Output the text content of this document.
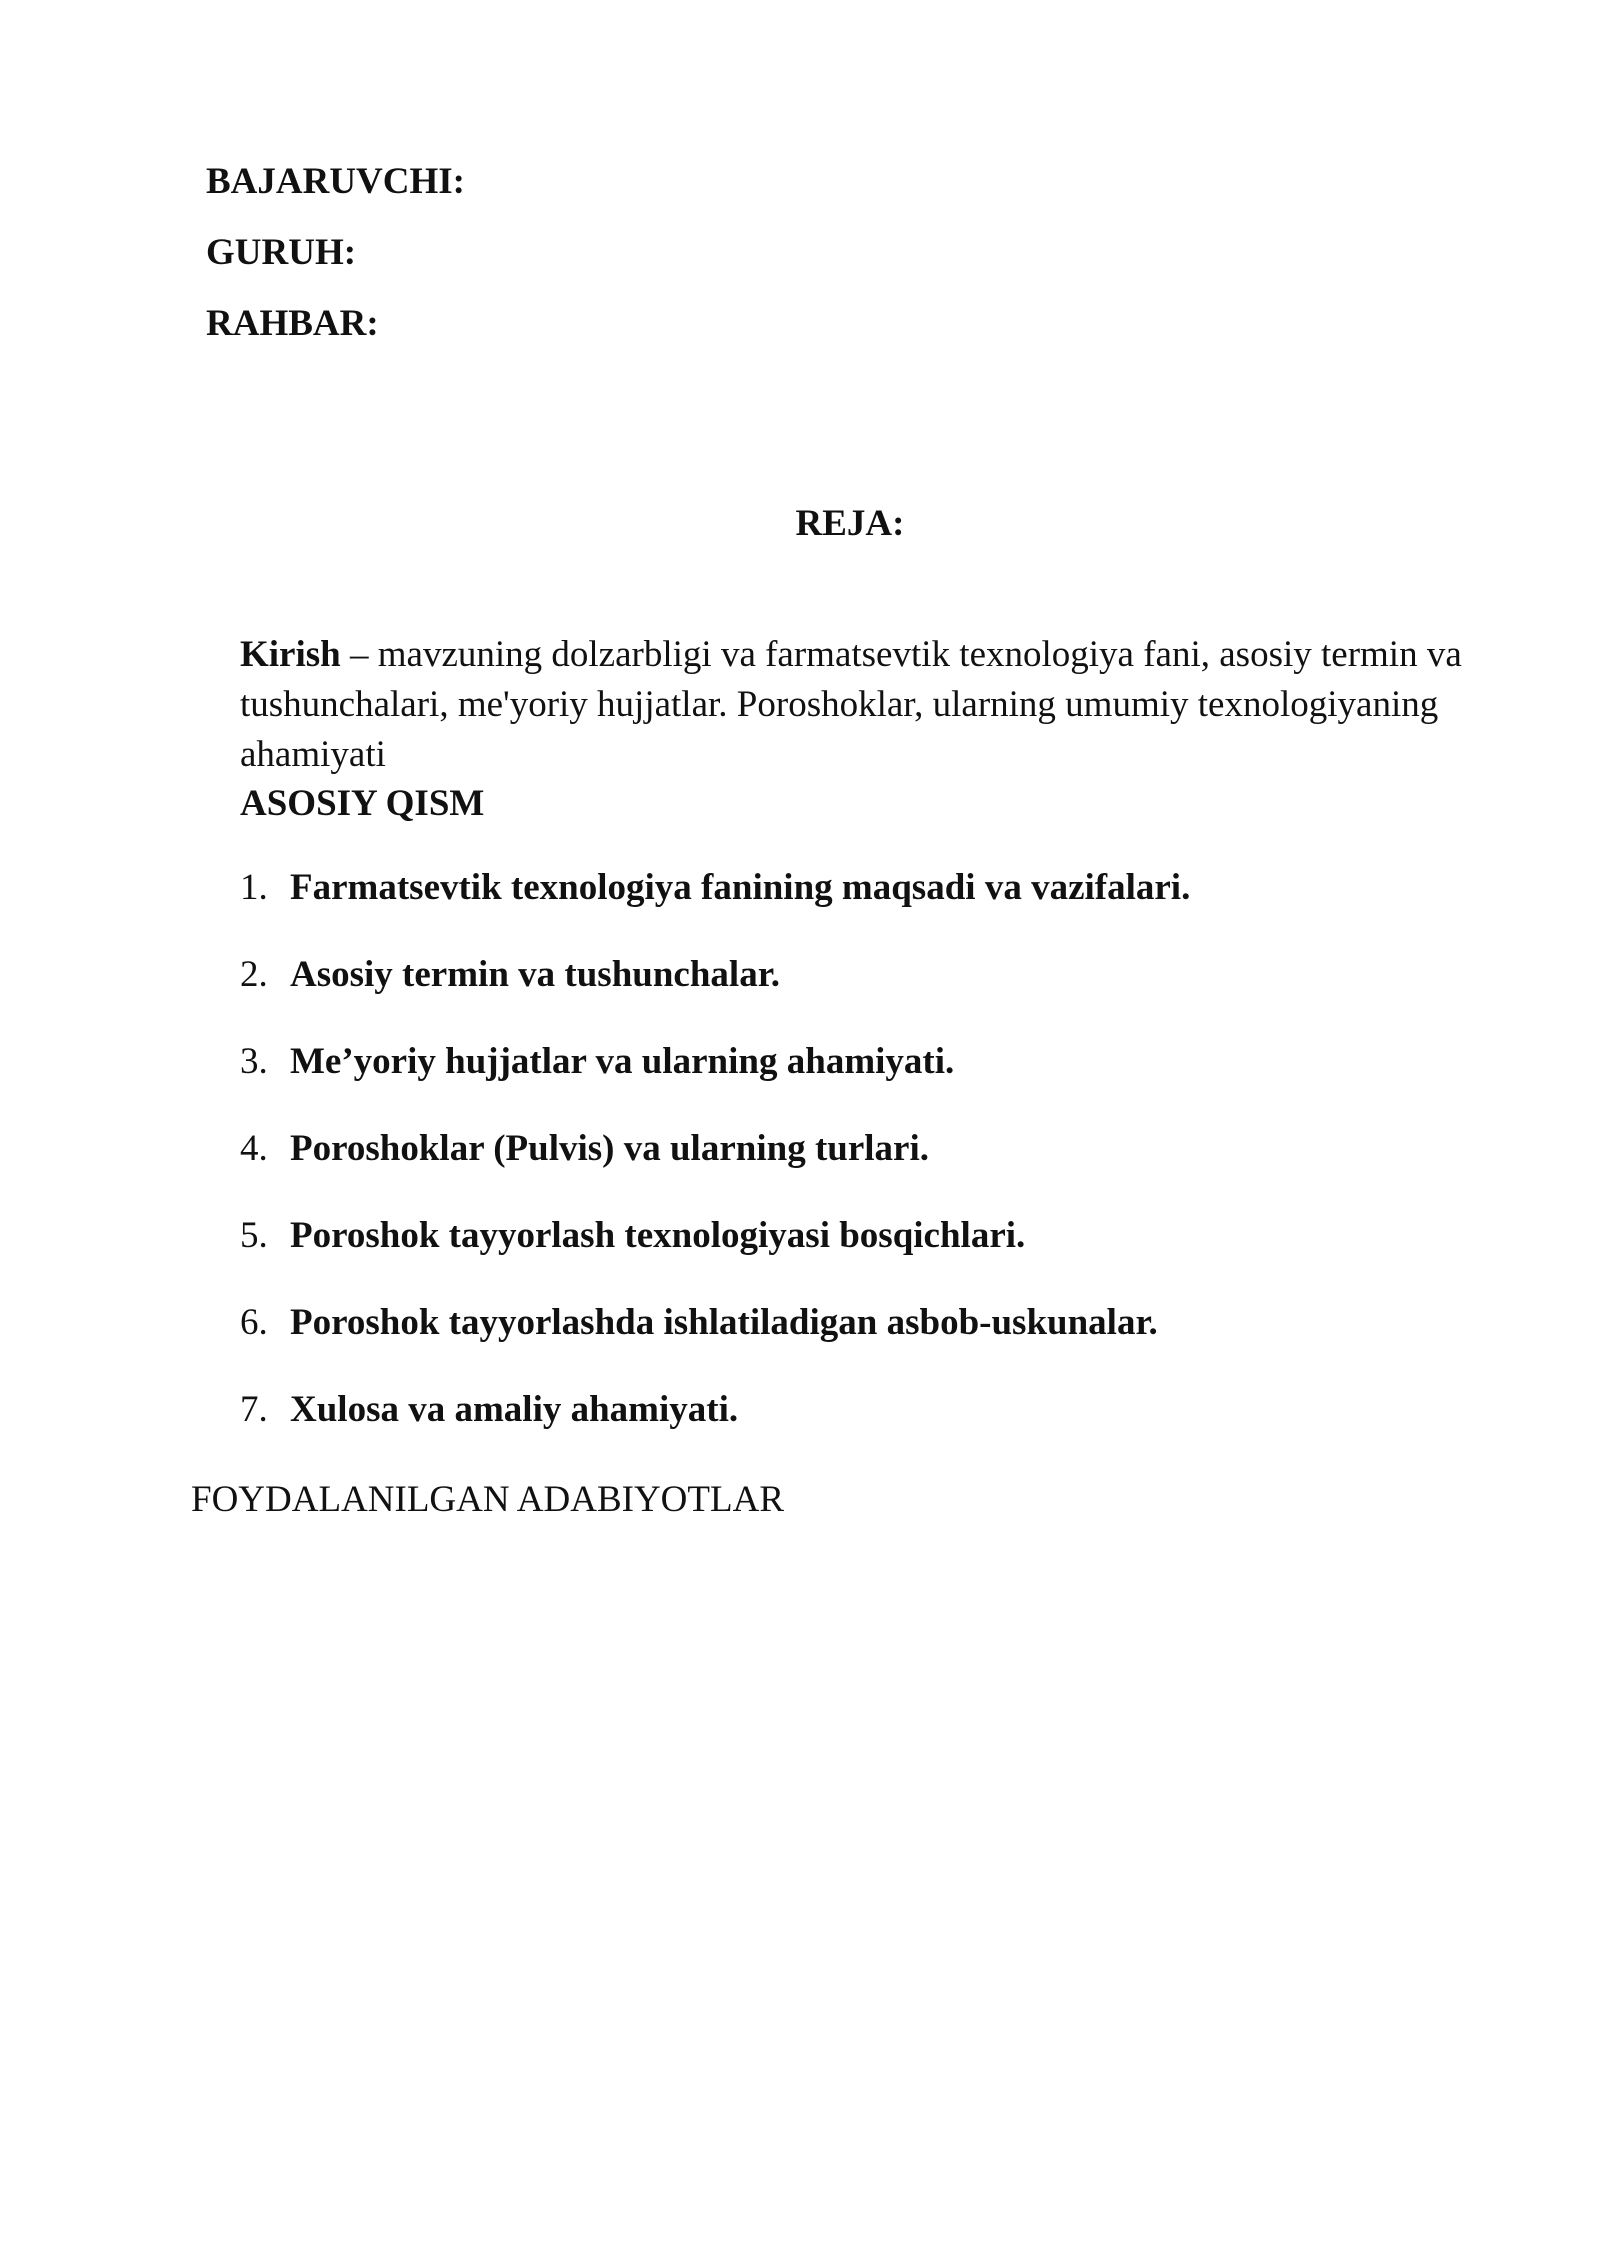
BAJARUVCHI:
GURUH:
RAHBAR:
REJA:
Kirish – mavzuning dolzarbligi va farmatsevtik texnologiya fani, asosiy termin va tushunchalari, me'yoriy hujjatlar. Poroshoklar, ularning umumiy texnologiyaning ahamiyati
ASOSIY QISM
1. Farmatsevtik texnologiya fanining maqsadi va vazifalari.
2. Asosiy termin va tushunchalar.
3. Me’yoriy hujjatlar va ularning ahamiyati.
4. Poroshoklar (Pulvis) va ularning turlari.
5. Poroshok tayyorlash texnologiyasi bosqichlari.
6. Poroshok tayyorlashda ishlatiladigan asbob-uskunalar.
7. Xulosa va amaliy ahamiyati.
FOYDALANILGAN ADABIYOTLAR
